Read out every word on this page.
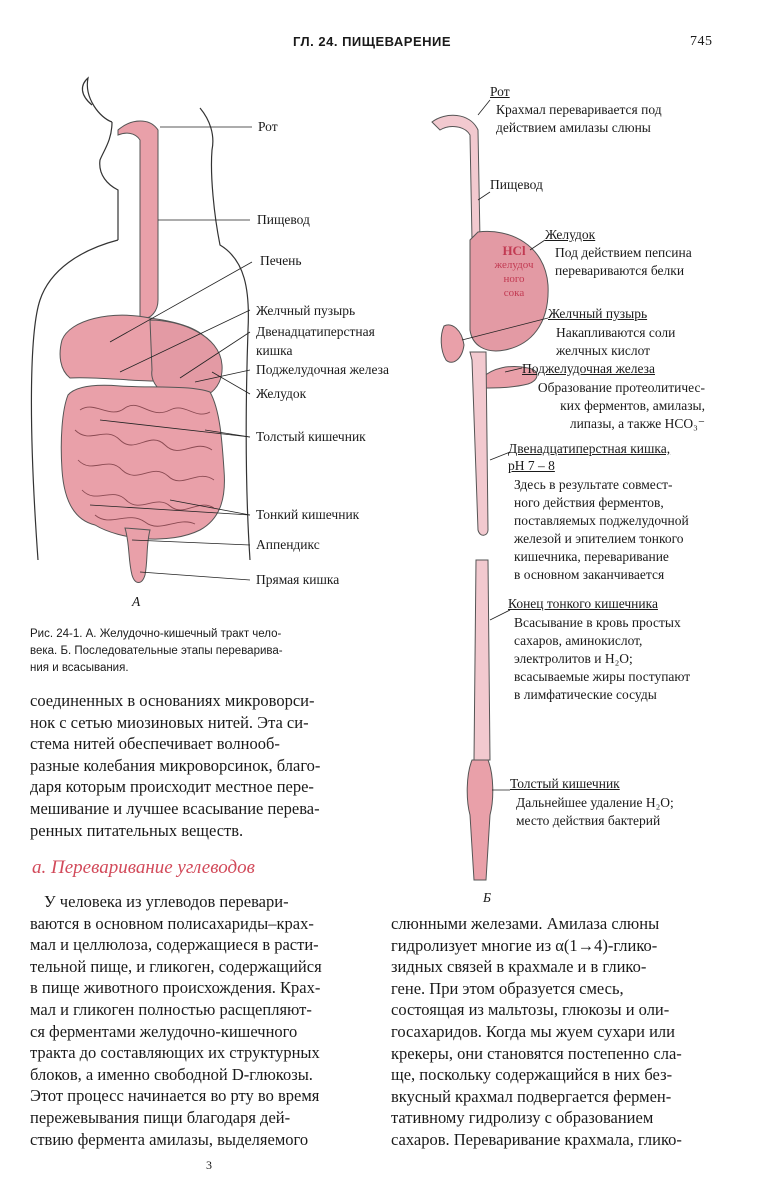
ГЛ. 24. ПИЩЕВАРЕНИЕ	745
Рот
Пищевод
Печень
Желчный пузырь
Двенадцатиперстная
кишка
Поджелудочная железа
Желудок
Толстый кишечник
Тонкий кишечник
Аппендикс
Прямая кишка
А
HCl
желудоч
ного
сока
Рот
Крахмал переваривается под
действием амилазы слюны
Пищевод
Желудок
Под действием пепсина
перевариваются белки
Желчный пузырь
Накапливаются соли
желчных кислот
Поджелудочная железа
Образование протеолитичес-
ких ферментов, амилазы,
липазы, а также НСО₃⁻
Двенадцатиперстная кишка,
pH 7 – 8
Здесь в результате совмест-
ного действия ферментов,
поставляемых поджелудочной
железой и эпителием тонкого
кишечника, переваривание
в основном заканчивается
Конец тонкого кишечника
Всасывание в кровь простых
сахаров, аминокислот,
электролитов и Н₂О;
всасываемые жиры поступают
в лимфатические сосуды
Толстый кишечник
Дальнейшее удаление Н₂О;
место действия бактерий
Б
Рис. 24-1. А. Желудочно-кишечный тракт чело-
века. Б. Последовательные этапы переварива-
ния и всасывания.
соединенных в основаниях микроворси-
нок с сетью миозиновых нитей. Эта си-
стема нитей обеспечивает волнооб-
разные колебания микроворсинок, благо-
даря которым происходит местное пере-
мешивание и лучшее всасывание перева-
ренных питательных веществ.
а. Переваривание углеводов
У человека из углеводов перевари-
ваются в основном полисахариды–крах-
мал и целлюлоза, содержащиеся в расти-
тельной пище, и гликоген, содержащийся
в пище животного происхождения. Крах-
мал и гликоген полностью расщепляют-
ся ферментами желудочно-кишечного
тракта до составляющих их структурных
блоков, а именно свободной D-глюкозы.
Этот процесс начинается во рту во время
пережевывания пищи благодаря дей-
ствию фермента амилазы, выделяемого
слюнными железами. Амилаза слюны
гидролизует многие из α(1→4)-глико-
зидных связей в крахмале и в глико-
гене. При этом образуется смесь,
состоящая из мальтозы, глюкозы и оли-
госахаридов. Когда мы жуем сухари или
крекеры, они становятся постепенно сла-
ще, поскольку содержащийся в них без-
вкусный крахмал подвергается фермен-
тативному гидролизу с образованием
сахаров. Переваривание крахмала, глико-
3
